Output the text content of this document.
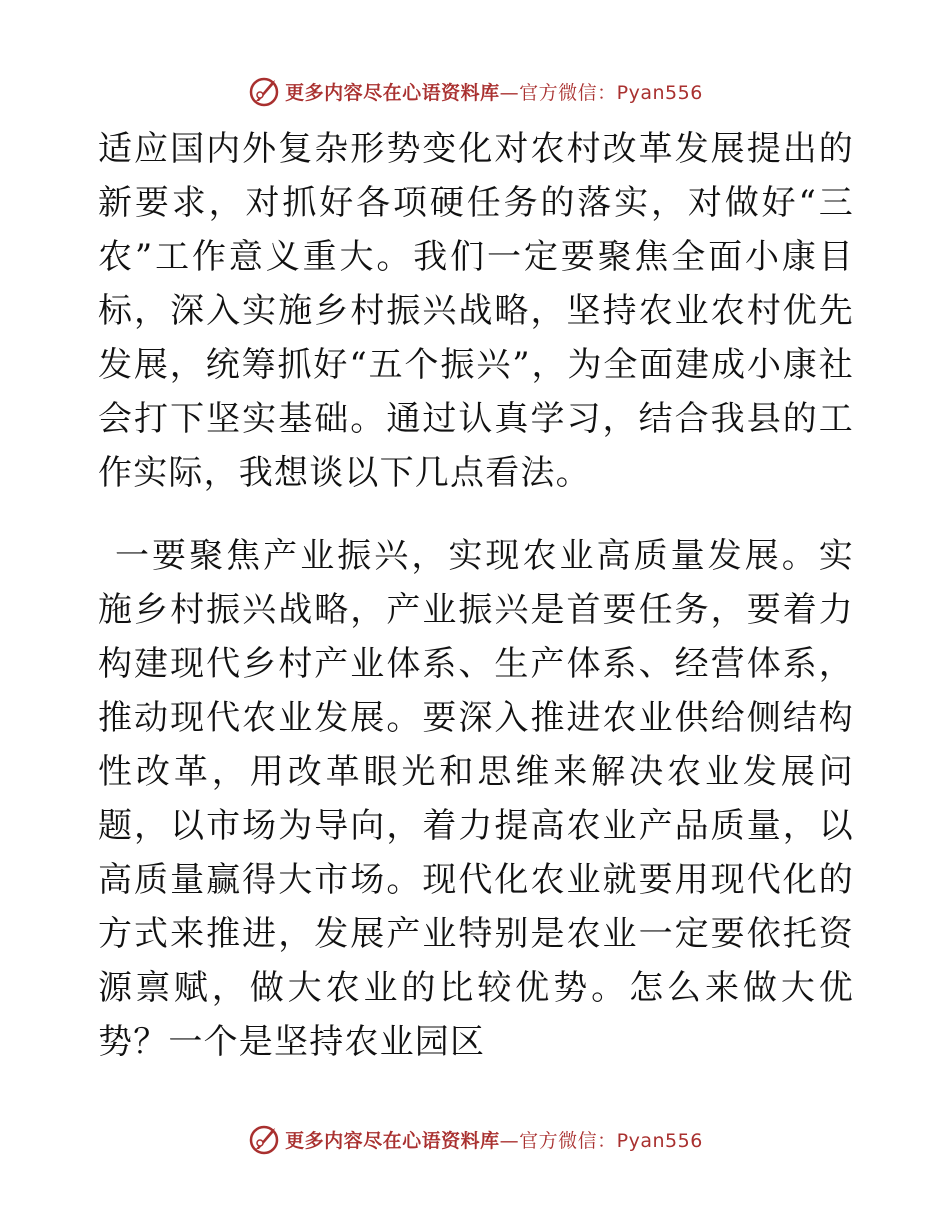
更多内容尽在心语资料库—官方微信：Pyan556

适应国内外复杂形势变化对农村改革发展提出的新要求，对抓好各项硬任务的落实，对做好“三农”工作意义重大。我们一定要聚焦全面小康目标，深入实施乡村振兴战略，坚持农业农村优先发展，统筹抓好“五个振兴”，为全面建成小康社会打下坚实基础。通过认真学习，结合我县的工作实际，我想谈以下几点看法。

一要聚焦产业振兴，实现农业高质量发展。实施乡村振兴战略，产业振兴是首要任务，要着力构建现代乡村产业体系、生产体系、经营体系，推动现代农业发展。要深入推进农业供给侧结构性改革，用改革眼光和思维来解决农业发展问题，以市场为导向，着力提高农业产品质量，以高质量赢得大市场。现代化农业就要用现代化的方式来推进，发展产业特别是农业一定要依托资源禀赋，做大农业的比较优势。怎么来做大优势？一个是坚持农业园区

更多内容尽在心语资料库—官方微信：Pyan556
